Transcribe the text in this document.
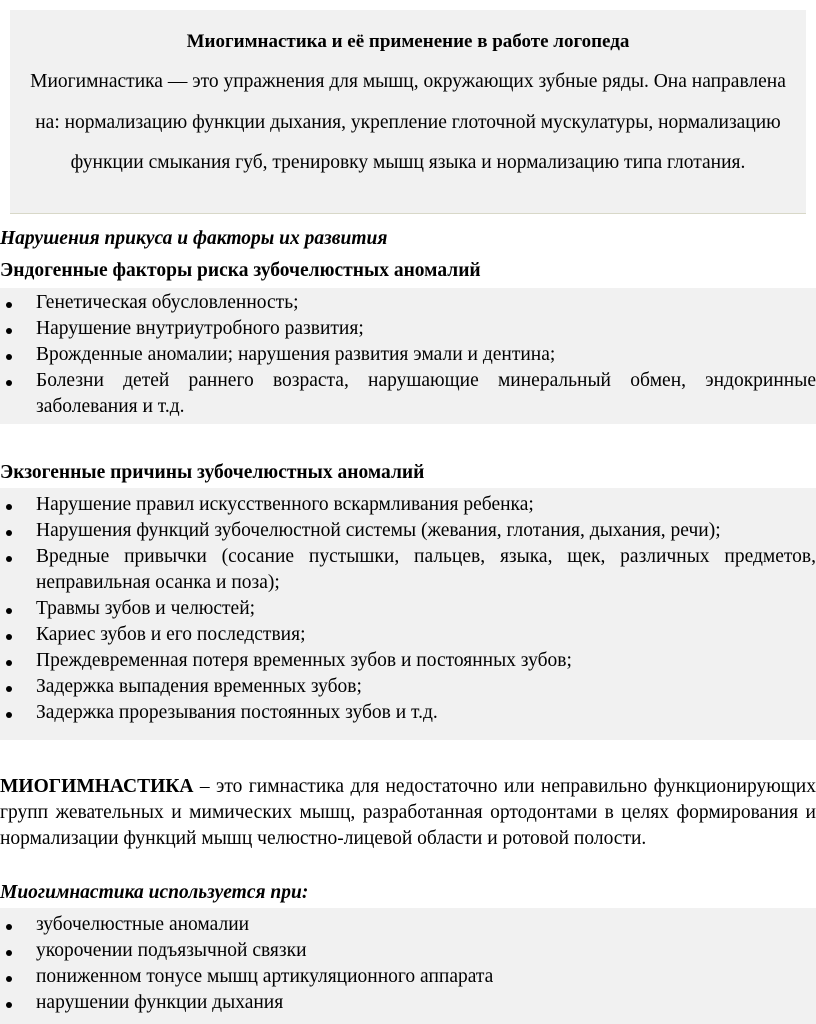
Миогимнастика и её применение в работе логопеда
Миогимнастика — это упражнения для мышц, окружающих зубные ряды. Она направлена на: нормализацию функции дыхания, укрепление глоточной мускулатуры, нормализацию функции смыкания губ, тренировку мышц языка и нормализацию типа глотания.
Нарушения прикуса и факторы их развития
Эндогенные факторы риска зубочелюстных аномалий
Генетическая обусловленность;
Нарушение внутриутробного развития;
Врожденные аномалии; нарушения развития эмали и дентина;
Болезни детей раннего возраста, нарушающие минеральный обмен, эндокринные заболевания и т.д.
Экзогенные причины зубочелюстных аномалий
Нарушение правил искусственного вскармливания ребенка;
Нарушения функций зубочелюстной системы (жевания, глотания, дыхания, речи);
Вредные привычки (сосание пустышки, пальцев, языка, щек, различных предметов, неправильная осанка и поза);
Травмы зубов и челюстей;
Кариес зубов и его последствия;
Преждевременная потеря временных зубов и постоянных зубов;
Задержка выпадения временных зубов;
Задержка прорезывания постоянных зубов и т.д.
МИОГИМНАСТИКА – это гимнастика для недостаточно или неправильно функционирующих групп жевательных и мимических мышц, разработанная ортодонтами в целях формирования и нормализации функций мышц челюстно-лицевой области и ротовой полости.
Миогимнастика используется при:
зубочелюстные аномалии
укорочении подъязычной связки
пониженном тонусе мышц артикуляционного аппарата
нарушении функции дыхания
